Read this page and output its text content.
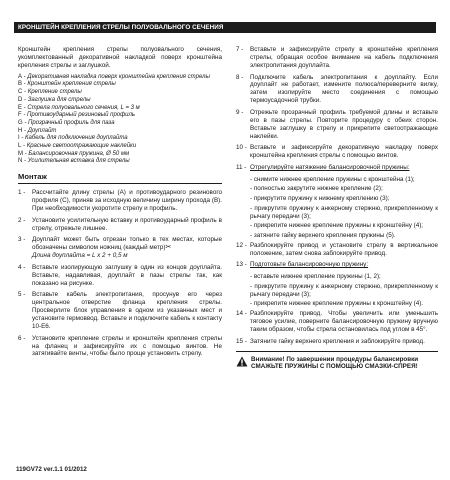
КРОНШТЕЙН КРЕПЛЕНИЯ СТРЕЛЫ ПОЛУОВАЛЬНОГО СЕЧЕНИЯ

Кронштейн крепления стрелы полуовального сечения, укомплектованный декоративной накладкой поверх кронштейна крепления стрелы и заглушкой.

A - Декоративная накладка поверх кронштейна крепления стрелы
B - Кронштейн крепления стрелы
C - Крепление стрелы
D - Заглушка для стрелы
E - Стрела полуовального сечения, L = 3 м
F - Противоударный резиновый профиль
G - Прозрачный профиль для паза
H - Доуплайт
I - Кабель для подключения доуплайта
L - Красные светоотражающие наклейки
M - Балансировочная пружина, Ø 50 мм
N - Усилительная вставка для стрелы
Монтаж
1 -	Рассчитайте длину стрелы (A) и противоударного резинового профиля (C), приняв за исходную величину ширину прохода (B). При необходимости укоротите стрелу и профиль.
2 -	Установите усилительную вставку и противоударный профиль в стрелу, отрежьте лишнее.
3 -	Доуплайт может быть отрезан только в тех местах, которые обозначены символом ножниц (каждый метр)✂
Длина доуплайта = L x 2 + 0,5 м
4 -	Вставьте изолирующую заглушку в один из концов доуплайта. Вставьте, надавливая, доуплайт в пазы стрелы так, как показано на рисунке.
5 -	Вставьте кабель электропитания, просунув его через центральное отверстие фланца крепления стрелы. Просверлите блок управления в одном из указанных мест и установите гермоввод. Вставьте и подключите кабель к контакту 10-Е6.
6 -	Установите крепление стрелы и кронштейн крепления стрелы на фланец и зафиксируйте их с помощью винтов. Не затягивайте винты, чтобы было проще установить стрелу.
7 -	Вставьте и зафиксируйте стрелу в кронштейне крепления стрелы, обращая особое внимание на кабель подключения электропитания доуплайта.
8 -	Подключите кабель электропитания к доуплайту. Если доуплайт не работает, измените полюса/переверните вилку, затем изолируйте место соединения с помощью термоусадочной трубки.
9 -	Отрежьте прозрачный профиль требуемой длины и вставьте его в пазы стрелы. Повторите процедуру с обеих сторон. Вставьте заглушку в стрелу и прикрепите светоотражающие наклейки.
10 - Вставьте и зафиксируйте декоративную накладку поверх кронштейна крепления стрелы с помощью винтов.
11 - Отрегулируйте натяжение балансировочной пружины:
- снимите нижнее крепление пружины с кронштейна (1);
- полностью закрутите нижнее крепление (2);
- прикрутите пружину к нижнему креплению (3);
- прикрутите пружину к анкерному стержню, прикрепленному к рычагу передачи (3);
- прикрепите нижнее крепление пружины к кронштейну (4);
- затяните гайку верхнего крепления пружины (5).
12 - Разблокируйте привод и установите стрелу в вертикальное положение, затем снова заблокируйте привод.
13 - Подготовьте балансировочную пружину:
- вставьте нижнее крепление пружины (1, 2);
- прикрутите пружину к анкерному стержню, прикрепленному к рычагу передачи (3);
- прикрепите нижнее крепление пружины к кронштейну (4).
14 - Разблокируйте привод. Чтобы увеличить или уменьшить тяговое усилие, поверните балансировочную пружину вручную таким образом, чтобы стрела остановилась под углом в 45°.
15 - Затяните гайку верхнего крепления и заблокируйте привод.
Внимание! По завершении процедуры балансировки СМАЖЬТЕ ПРУЖИНЫ С ПОМОЩЬЮ СМАЗКИ-СПРЕЯ!
119GV72 ver.1.1 01/2012
